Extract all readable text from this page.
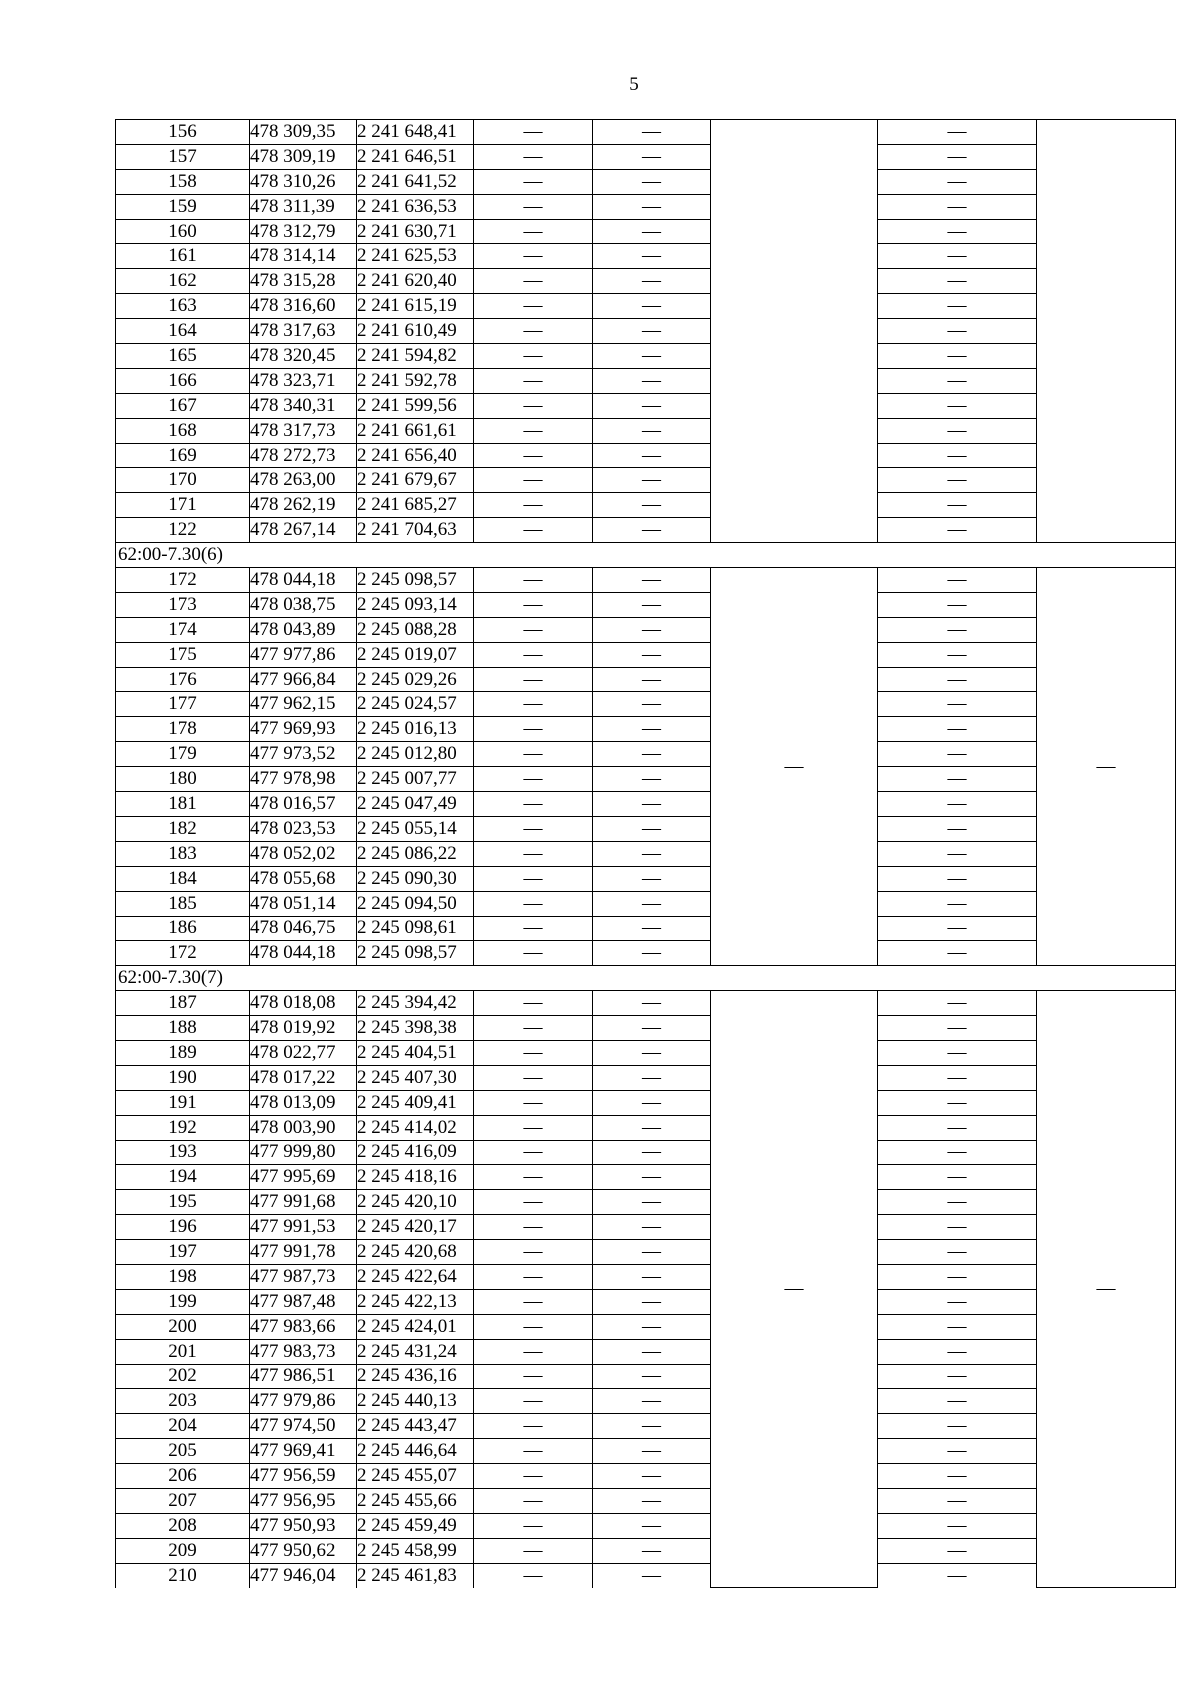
5
156	478 309,35	2 241 648,41	—	—		—	
157	478 309,19	2 241 646,51	—	—		—	
158	478 310,26	2 241 641,52	—	—		—	
159	478 311,39	2 241 636,53	—	—		—	
160	478 312,79	2 241 630,71	—	—		—	
161	478 314,14	2 241 625,53	—	—		—	
162	478 315,28	2 241 620,40	—	—		—	
163	478 316,60	2 241 615,19	—	—		—	
164	478 317,63	2 241 610,49	—	—		—	
165	478 320,45	2 241 594,82	—	—		—	
166	478 323,71	2 241 592,78	—	—		—	
167	478 340,31	2 241 599,56	—	—		—	
168	478 317,73	2 241 661,61	—	—		—	
169	478 272,73	2 241 656,40	—	—		—	
170	478 263,00	2 241 679,67	—	—		—	
171	478 262,19	2 241 685,27	—	—		—	
122	478 267,14	2 241 704,63	—	—		—	
62:00-7.30(6)							
172	478 044,18	2 245 098,57	—	—	—	—	—
173	478 038,75	2 245 093,14	—	—		—	
174	478 043,89	2 245 088,28	—	—		—	
175	477 977,86	2 245 019,07	—	—		—	
176	477 966,84	2 245 029,26	—	—		—	
177	477 962,15	2 245 024,57	—	—		—	
178	477 969,93	2 245 016,13	—	—		—	
179	477 973,52	2 245 012,80	—	—		—	
180	477 978,98	2 245 007,77	—	—		—	
181	478 016,57	2 245 047,49	—	—		—	
182	478 023,53	2 245 055,14	—	—		—	
183	478 052,02	2 245 086,22	—	—		—	
184	478 055,68	2 245 090,30	—	—		—	
185	478 051,14	2 245 094,50	—	—		—	
186	478 046,75	2 245 098,61	—	—		—	
172	478 044,18	2 245 098,57	—	—		—	
62:00-7.30(7)							
187	478 018,08	2 245 394,42	—	—	—	—	—
188	478 019,92	2 245 398,38	—	—		—	
189	478 022,77	2 245 404,51	—	—		—	
190	478 017,22	2 245 407,30	—	—		—	
191	478 013,09	2 245 409,41	—	—		—	
192	478 003,90	2 245 414,02	—	—		—	
193	477 999,80	2 245 416,09	—	—		—	
194	477 995,69	2 245 418,16	—	—		—	
195	477 991,68	2 245 420,10	—	—		—	
196	477 991,53	2 245 420,17	—	—		—	
197	477 991,78	2 245 420,68	—	—		—	
198	477 987,73	2 245 422,64	—	—		—	
199	477 987,48	2 245 422,13	—	—		—	
200	477 983,66	2 245 424,01	—	—		—	
201	477 983,73	2 245 431,24	—	—		—	
202	477 986,51	2 245 436,16	—	—		—	
203	477 979,86	2 245 440,13	—	—		—	
204	477 974,50	2 245 443,47	—	—		—	
205	477 969,41	2 245 446,64	—	—		—	
206	477 956,59	2 245 455,07	—	—		—	
207	477 956,95	2 245 455,66	—	—		—	
208	477 950,93	2 245 459,49	—	—		—	
209	477 950,62	2 245 458,99	—	—		—	
210	477 946,04	2 245 461,83	—	—		—	
